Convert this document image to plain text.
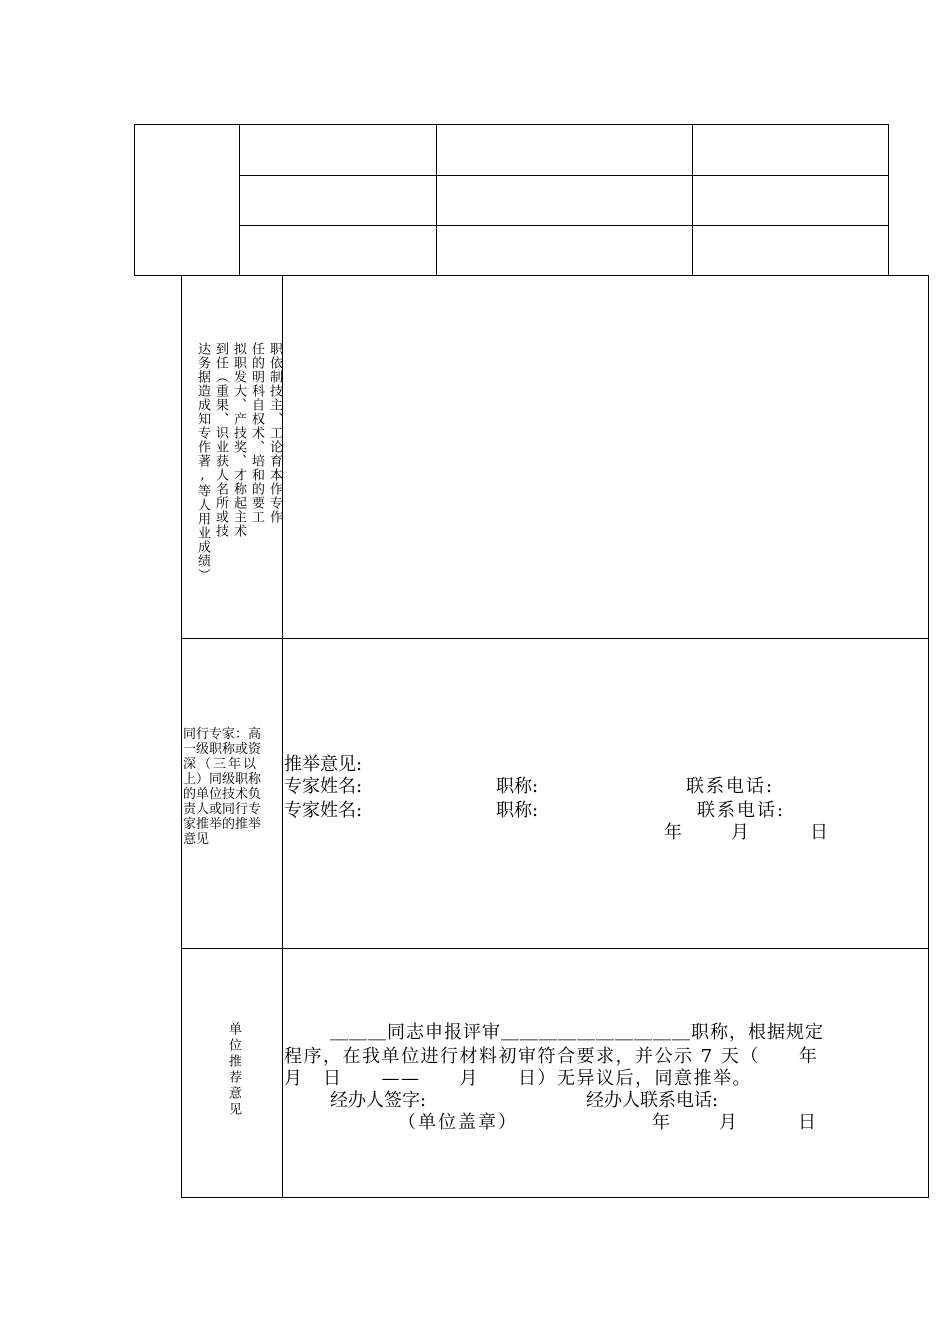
职依制技主、工论育本作专作
任的明科自权术、培和的要工
拟职发大、产技奖、才称起主术
到任（重果、识业获人名所或技
达务据造成知专作著,等人用业成绩）
同行专家：高
一级职称或资
深（三年以
上）同级职称
的单位技术负
责人或同行专
家推举的推举
意见
推举意见:
专家姓名:	职称:	联系电话:
专家姓名:	职称:	联系电话:
年	月	日
单位推荐意见	＿＿＿同志申报评审＿＿＿＿＿＿＿＿＿＿职称，根据规定
程序，在我单位进行材料初审符合要求，并公示 7 天（　　年
月　日　　——　　月　　日）无异议后，同意推举。
经办人签字:	经办人联系电话:
（单位盖章）	年	月	日
